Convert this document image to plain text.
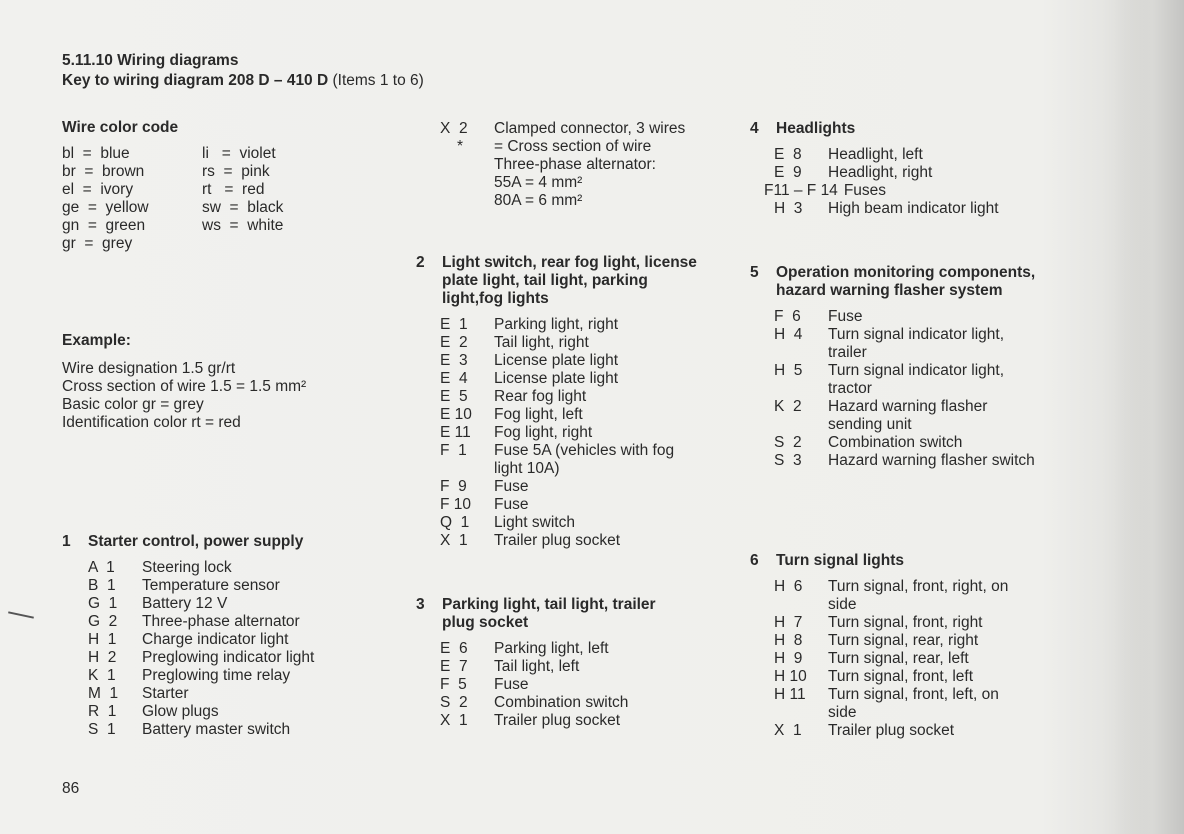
5.11.10 Wiring diagrams
Key to wiring diagram 208 D – 410 D (Items 1 to 6)
Wire color code
bl  =  blue	li   =  violet
br  =  brown	rs  =  pink
el  =  ivory	rt   =  red
ge  =  yellow	sw  =  black
gn  =  green	ws  =  white
gr  =  grey
Example:
Wire designation 1.5 gr/rt
Cross section of wire 1.5 = 1.5 mm²
Basic color gr = grey
Identification color rt = red
1	Starter control, power supply
A  1	Steering lock
B  1	Temperature sensor
G  1	Battery 12 V
G  2	Three-phase alternator
H  1	Charge indicator light
H  2	Preglowing indicator light
K  1	Preglowing time relay
M  1	Starter
R  1	Glow plugs
S  1	Battery master switch
X  2	Clamped connector, 3 wires
*	= Cross section of wire
Three-phase alternator:
55A = 4 mm²
80A = 6 mm²
2	Light switch, rear fog light, license plate light, tail light, parking light,fog lights
E  1	Parking light, right
E  2	Tail light, right
E  3	License plate light
E  4	License plate light
E  5	Rear fog light
E 10	Fog light, left
E 11	Fog light, right
F  1	Fuse 5A (vehicles with fog light 10A)
F  9	Fuse
F 10	Fuse
Q  1	Light switch
X  1	Trailer plug socket
3	Parking light, tail light, trailer plug socket
E  6	Parking light, left
E  7	Tail light, left
F  5	Fuse
S  2	Combination switch
X  1	Trailer plug socket
4	Headlights
E  8	Headlight, left
E  9	Headlight, right
F11 – F 14 Fuses
H  3	High beam indicator light
5	Operation monitoring components, hazard warning flasher system
F  6	Fuse
H  4	Turn signal indicator light, trailer
H  5	Turn signal indicator light, tractor
K  2	Hazard warning flasher sending unit
S  2	Combination switch
S  3	Hazard warning flasher switch
6	Turn signal lights
H  6	Turn signal, front, right, on side
H  7	Turn signal, front, right
H  8	Turn signal, rear, right
H  9	Turn signal, rear, left
H 10	Turn signal, front, left
H 11	Turn signal, front, left, on side
X  1	Trailer plug socket
86
